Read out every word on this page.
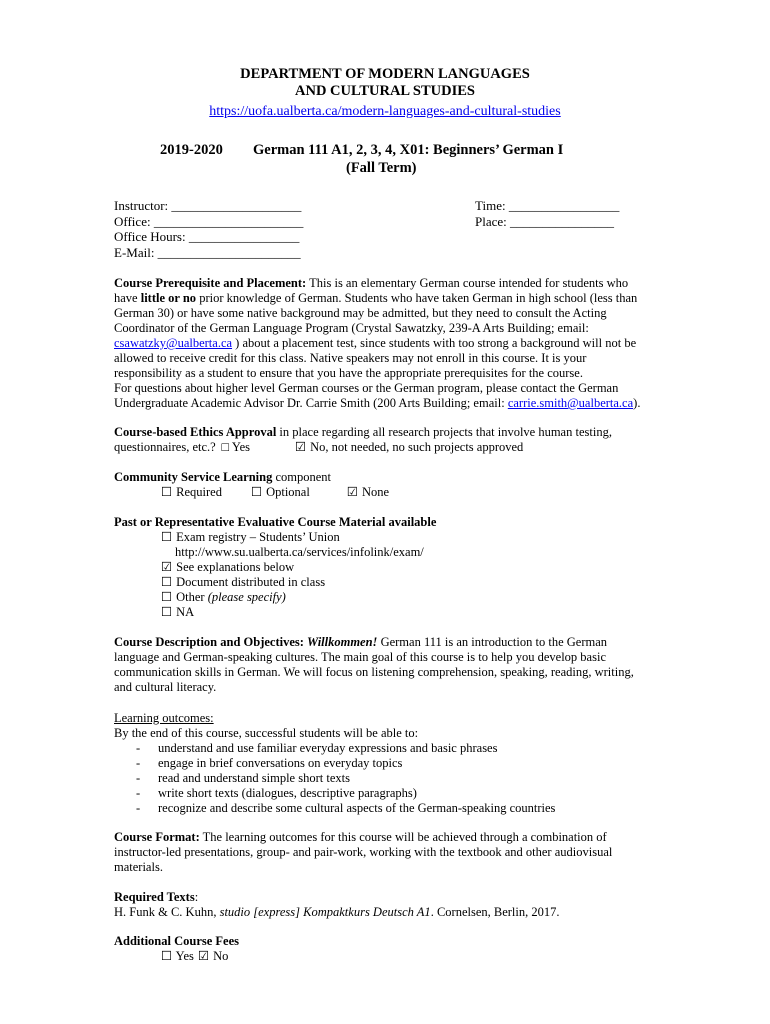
DEPARTMENT OF MODERN LANGUAGES
AND CULTURAL STUDIES
https://uofa.ualberta.ca/modern-languages-and-cultural-studies
2019-2020 German 111 A1, 2, 3, 4, X01: Beginners’ German I
(Fall Term)
Instructor: ____________________
Office: _______________________
Office Hours: _________________
E-Mail: ______________________
Time: _________________
Place: ________________
Course Prerequisite and Placement: This is an elementary German course intended for students who
have little or no prior knowledge of German. Students who have taken German in high school (less than
German 30) or have some native background may be admitted, but they need to consult the Acting
Coordinator of the German Language Program (Crystal Sawatzky, 239-A Arts Building; email:
csawatzky@ualberta.ca ) about a placement test, since students with too strong a background will not be
allowed to receive credit for this class. Native speakers may not enroll in this course. It is your
responsibility as a student to ensure that you have the appropriate prerequisites for the course.
For questions about higher level German courses or the German program, please contact the German
Undergraduate Academic Advisor Dr. Carrie Smith (200 Arts Building; email: carrie.smith@ualberta.ca).
Course-based Ethics Approval in place regarding all research projects that involve human testing,
questionnaires, etc.? □ Yes	☑ No, not needed, no such projects approved
Community Service Learning component
☐ Required ☐ Optional	☑ None
Past or Representative Evaluative Course Material available
☐ Exam registry – Students’ Union
http://www.su.ualberta.ca/services/infolink/exam/
☑ See explanations below
☐ Document distributed in class
☐ Other (please specify)
☐ NA
Course Description and Objectives: Willkommen! German 111 is an introduction to the German
language and German-speaking cultures. The main goal of this course is to help you develop basic
communication skills in German. We will focus on listening comprehension, speaking, reading, writing,
and cultural literacy.
Learning outcomes:
By the end of this course, successful students will be able to:
- understand and use familiar everyday expressions and basic phrases
- engage in brief conversations on everyday topics
- read and understand simple short texts
- write short texts (dialogues, descriptive paragraphs)
- recognize and describe some cultural aspects of the German-speaking countries
Course Format: The learning outcomes for this course will be achieved through a combination of
instructor-led presentations, group- and pair-work, working with the textbook and other audiovisual
materials.
Required Texts:
H. Funk & C. Kuhn, studio [express] Kompaktkurs Deutsch A1. Cornelsen, Berlin, 2017.
Additional Course Fees
☐ Yes ☑ No
